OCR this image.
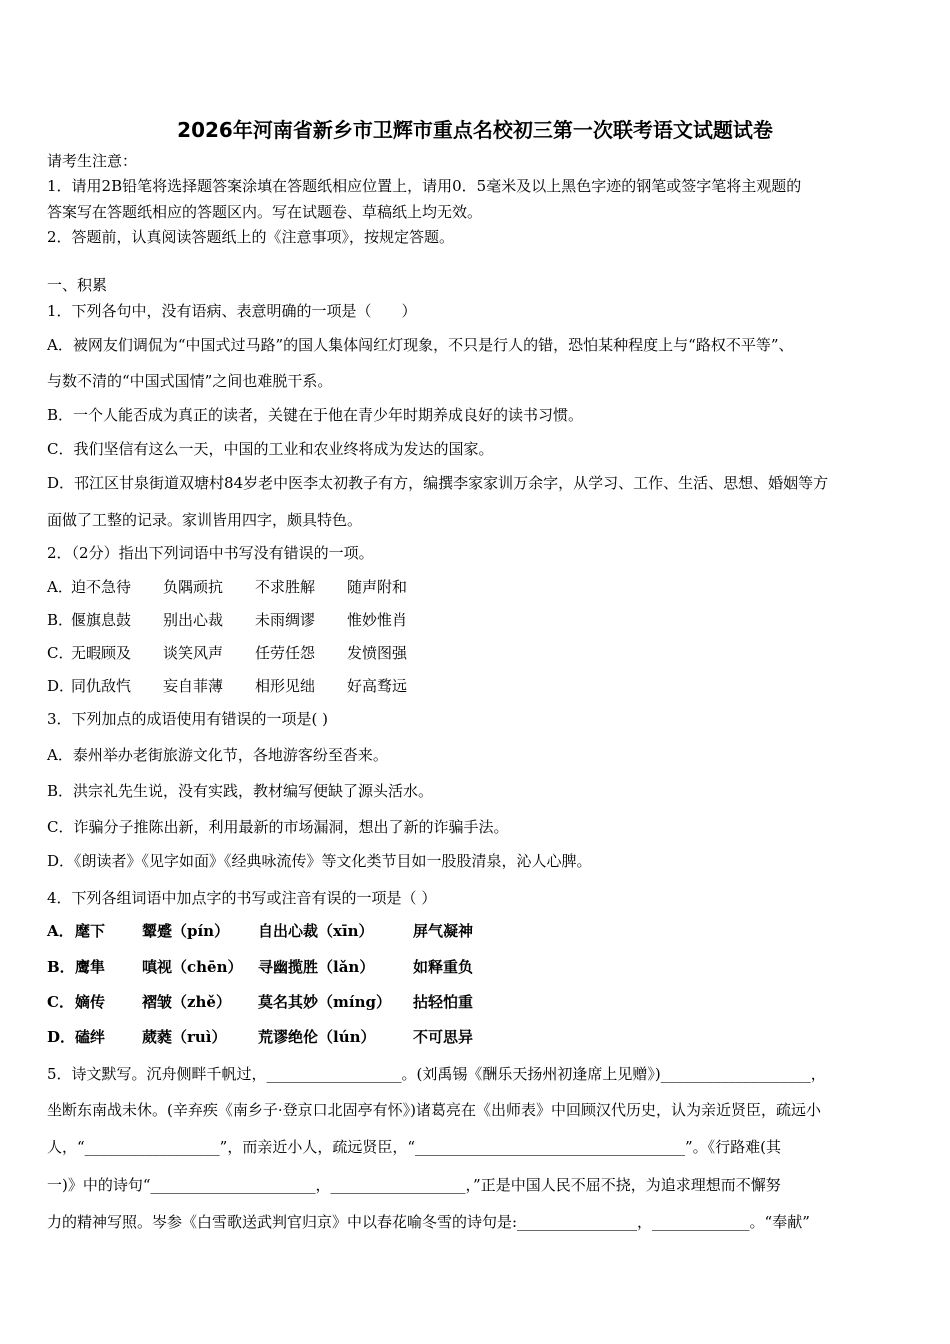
2026年河南省新乡市卫辉市重点名校初三第一次联考语文试题试卷
请考生注意：
1．请用2B铅笔将选择题答案涂填在答题纸相应位置上，请用0．5毫米及以上黑色字迹的钢笔或签字笔将主观题的
答案写在答题纸相应的答题区内。写在试题卷、草稿纸上均无效。
2．答题前，认真阅读答题纸上的《注意事项》，按规定答题。
一、积累
1．下列各句中，没有语病、表意明确的一项是（　　）
A．被网友们调侃为“中国式过马路”的国人集体闯红灯现象，不只是行人的错，恐怕某种程度上与“路权不平等”、
与数不清的“中国式国情”之间也难脱干系。
B．一个人能否成为真正的读者，关键在于他在青少年时期养成良好的读书习惯。
C．我们坚信有这么一天，中国的工业和农业终将成为发达的国家。
D．邗江区甘泉街道双塘村84岁老中医李太初教子有方，编撰李家家训万余字，从学习、工作、生活、思想、婚姻等方
面做了工整的记录。家训皆用四字，颇具特色。
2．（2分）指出下列词语中书写没有错误的一项。
A．
迫不急待 负隅顽抗 不求胜解 随声附和
B．
偃旗息鼓 别出心裁 未雨绸谬 惟妙惟肖
C．
无暇顾及 谈笑风声 任劳任怨 发愤图强
D．
同仇敌忾 妄自菲薄 相形见绌 好高骛远
3．下列加点的成语使用有错误的一项是( )
A．泰州举办老街旅游文化节，各地游客纷至沓来。
B．洪宗礼先生说，没有实践，教材编写便缺了源头活水。
C．诈骗分子推陈出新，利用最新的市场漏洞，想出了新的诈骗手法。
D．《朗读者》《见字如面》《经典咏流传》等文化类节目如一股股清泉，沁人心脾。
4．下列各组词语中加点字的书写或注音有误的一项是（ ）
A． 麾下 颦蹙（pín） 自出心裁（xīn）	屏气凝神
B． 鹰隼 嗔视（chēn） 寻幽揽胜（lǎn）	如释重负
C． 嫡传 褶皱（zhě） 莫名其妙（míng） 拈轻怕重
D． 磕绊 葳蕤（ruì） 荒谬绝伦（lún） 不可思异
5．诗文默写。沉舟侧畔千帆过，__________________。(刘禹锡《酬乐天扬州初逢席上见赠》)____________________，
坐断东南战未休。(辛弃疾《南乡子·登京口北固亭有怀》)诸葛亮在《出师表》中回顾汉代历史，认为亲近贤臣，疏远小
人，“__________________”，而亲近小人，疏远贤臣，“____________________________________”。《行路难(其
一)》中的诗句“______________________，__________________，”正是中国人民不屈不挠，为追求理想而不懈努
力的精神写照。岑参《白雪歌送武判官归京》中以春花喻冬雪的诗句是:________________，_____________。“奉献”
